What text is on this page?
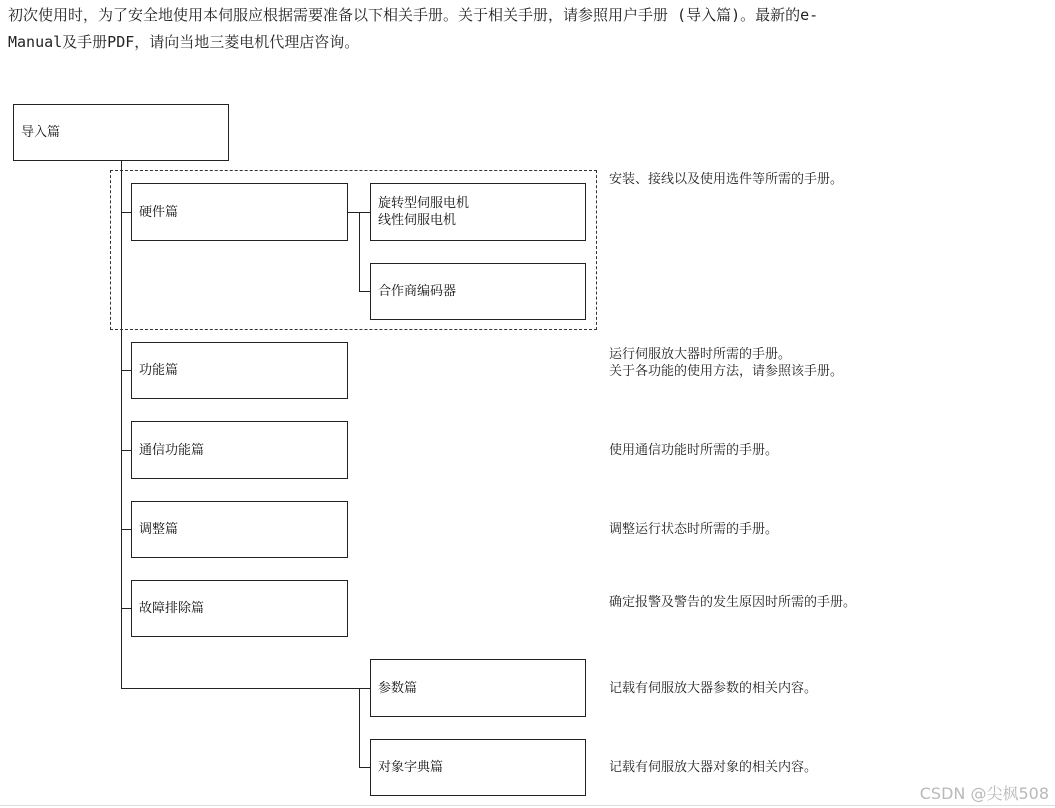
初次使用时，为了安全地使用本伺服应根据需要准备以下相关手册。关于相关手册，请参照用户手册 (导入篇)。最新的e-
Manual及手册PDF，请向当地三菱电机代理店咨询。
导入篇
硬件篇
旋转型伺服电机
线性伺服电机
合作商编码器
功能篇
通信功能篇
调整篇
故障排除篇
参数篇
对象字典篇
安装、接线以及使用选件等所需的手册。
运行伺服放大器时所需的手册。
关于各功能的使用方法，请参照该手册。
使用通信功能时所需的手册。
调整运行状态时所需的手册。
确定报警及警告的发生原因时所需的手册。
记载有伺服放大器参数的相关内容。
记载有伺服放大器对象的相关内容。
CSDN @尖枫508
